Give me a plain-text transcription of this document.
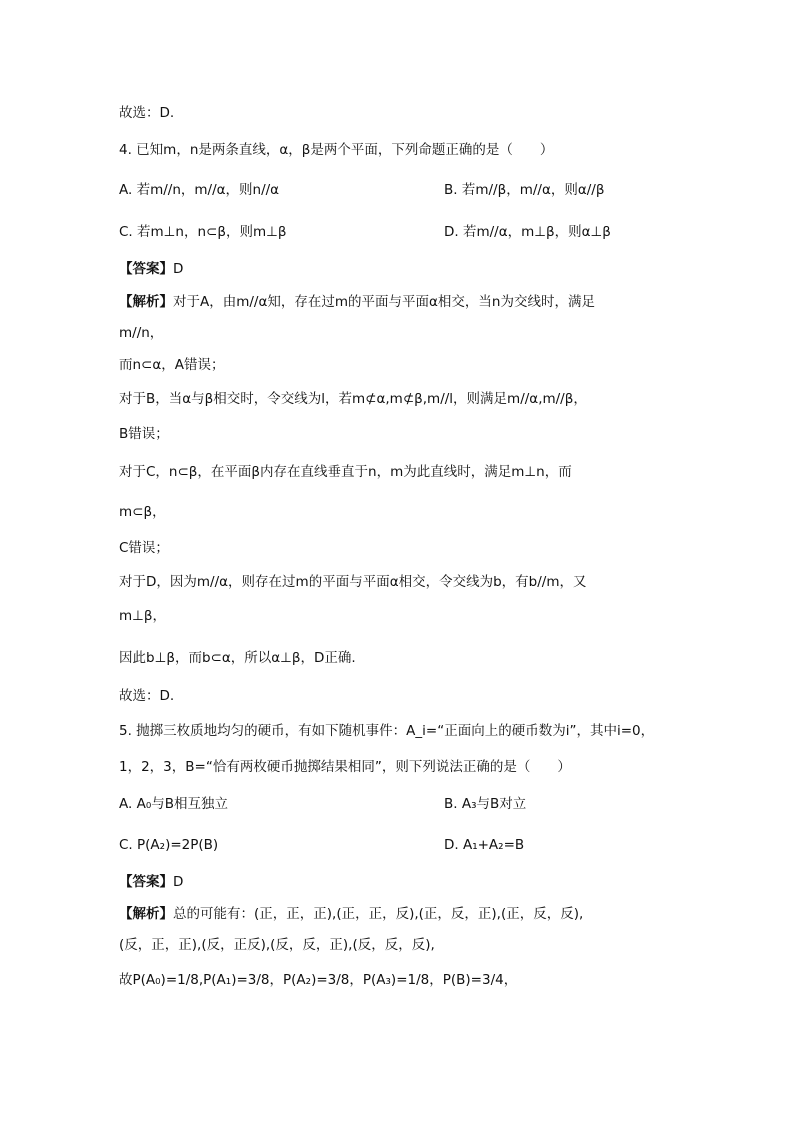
故选：D.
4. 已知m，n是两条直线，α，β是两个平面，下列命题正确的是（　　）
A. 若m//n，m//α，则n//α	B. 若m//β，m//α，则α//β
C. 若m⊥n，n⊂β，则m⊥β	D. 若m//α，m⊥β，则α⊥β
【答案】D
【解析】对于A，由m//α知，存在过m的平面与平面α相交，当n为交线时，满足
m//n，
而n⊂α，A错误；
对于B，当α与β相交时，令交线为l，若m⊄α,m⊄β,m//l，则满足m//α,m//β，
B错误；
对于C，n⊂β，在平面β内存在直线垂直于n，m为此直线时，满足m⊥n，而
m⊂β，
C错误；
对于D，因为m//α，则存在过m的平面与平面α相交，令交线为b，有b//m，又
m⊥β，
因此b⊥β，而b⊂α，所以α⊥β，D正确.
故选：D.
5. 抛掷三枚质地均匀的硬币，有如下随机事件：A_i=“正面向上的硬币数为i”，其中i=0，
1，2，3，B=“恰有两枚硬币抛掷结果相同”，则下列说法正确的是（　　）
A. A₀与B相互独立	B. A₃与B对立
C. P(A₂)=2P(B)	D. A₁+A₂=B
【答案】D
【解析】总的可能有：(正，正，正),(正，正，反),(正，反，正),(正，反，反),
(反，正，正),(反，正反),(反，反，正),(反，反，反),
故P(A₀)=1/8,P(A₁)=3/8，P(A₂)=3/8，P(A₃)=1/8，P(B)=3/4，
